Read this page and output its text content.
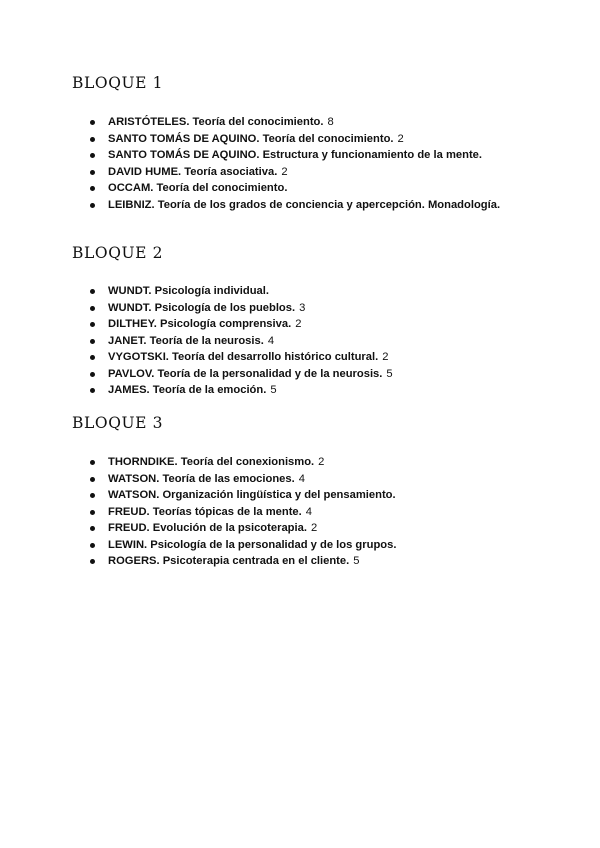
BLOQUE 1
ARISTÓTELES. Teoría del conocimiento. 8
SANTO TOMÁS DE AQUINO. Teoría del conocimiento. 2
SANTO TOMÁS DE AQUINO. Estructura y funcionamiento de la mente.
DAVID HUME. Teoría asociativa. 2
OCCAM. Teoría del conocimiento.
LEIBNIZ. Teoría de los grados de conciencia y apercepción. Monadología.
BLOQUE 2
WUNDT. Psicología individual.
WUNDT. Psicología de los pueblos. 3
DILTHEY. Psicología comprensiva. 2
JANET. Teoría de la neurosis. 4
VYGOTSKI. Teoría del desarrollo histórico cultural. 2
PAVLOV. Teoría de la personalidad y de la neurosis. 5
JAMES. Teoría de la emoción. 5
BLOQUE 3
THORNDIKE. Teoría del conexionismo. 2
WATSON. Teoría de las emociones. 4
WATSON. Organización lingüística y del pensamiento.
FREUD. Teorías tópicas de la mente. 4
FREUD. Evolución de la psicoterapia. 2
LEWIN. Psicología de la personalidad y de los grupos.
ROGERS. Psicoterapia centrada en el cliente. 5
